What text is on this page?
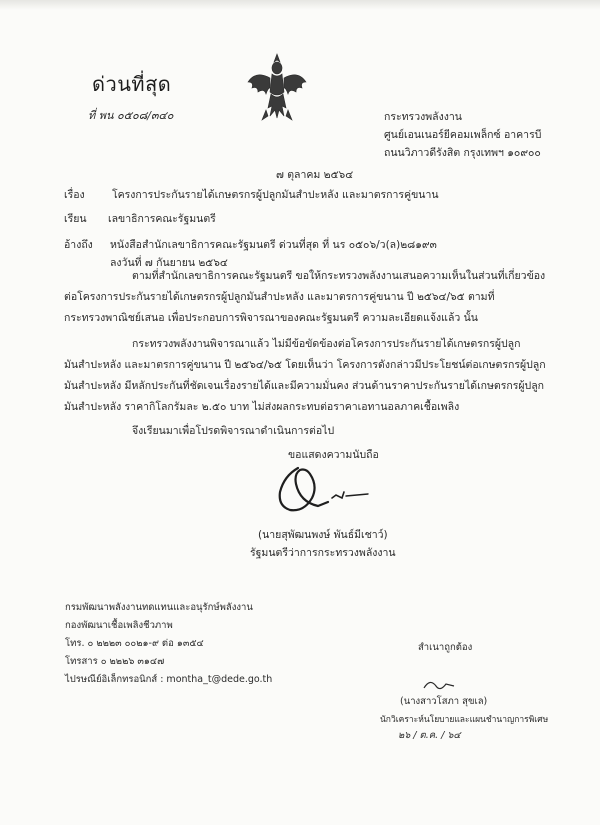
ด่วนที่สุด
ที่ พน ๐๕๐๘/๓๔๐	กระทรวงพลังงาน
ศูนย์เอนเนอร์ยีคอมเพล็กซ์ อาคารบี
ถนนวิภาวดีรังสิต กรุงเทพฯ ๑๐๙๐๐
๗ ตุลาคม ๒๕๖๔
เรื่อง	โครงการประกันรายได้เกษตรกรผู้ปลูกมันสำปะหลัง และมาตรการคู่ขนาน
เรียน เลขาธิการคณะรัฐมนตรี
อ้างถึง หนังสือสำนักเลขาธิการคณะรัฐมนตรี ด่วนที่สุด ที่ นร ๐๕๐๖/ว(ล)๒๘๑๙๓
ลงวันที่ ๗ กันยายน ๒๕๖๔
ตามที่สำนักเลขาธิการคณะรัฐมนตรี ขอให้กระทรวงพลังงานเสนอความเห็นในส่วนที่เกี่ยวข้อง
ต่อโครงการประกันรายได้เกษตรกรผู้ปลูกมันสำปะหลัง และมาตรการคู่ขนาน ปี ๒๕๖๔/๖๕ ตามที่
กระทรวงพาณิชย์เสนอ เพื่อประกอบการพิจารณาของคณะรัฐมนตรี ความละเอียดแจ้งแล้ว นั้น
กระทรวงพลังงานพิจารณาแล้ว ไม่มีข้อขัดข้องต่อโครงการประกันรายได้เกษตรกรผู้ปลูก
มันสำปะหลัง และมาตรการคู่ขนาน ปี ๒๕๖๔/๖๕ โดยเห็นว่า โครงการดังกล่าวมีประโยชน์ต่อเกษตรกรผู้ปลูก
มันสำปะหลัง มีหลักประกันที่ชัดเจนเรื่องรายได้และมีความมั่นคง ส่วนด้านราคาประกันรายได้เกษตรกรผู้ปลูก
มันสำปะหลัง ราคากิโลกรัมละ ๒.๕๐ บาท ไม่ส่งผลกระทบต่อราคาเอทานอลภาคเชื้อเพลิง
จึงเรียนมาเพื่อโปรดพิจารณาดำเนินการต่อไป
ขอแสดงความนับถือ
(นายสุพัฒนพงษ์ พันธ์มีเชาว์)
รัฐมนตรีว่าการกระทรวงพลังงาน
กรมพัฒนาพลังงานทดแทนและอนุรักษ์พลังงาน
กองพัฒนาเชื้อเพลิงชีวภาพ
โทร. ๐ ๒๒๒๓ ๐๐๒๑-๙ ต่อ ๑๓๕๔
โทรสาร ๐ ๒๒๒๖ ๓๑๔๗
ไปรษณีย์อิเล็กทรอนิกส์ : montha_t@dede.go.th
สำเนาถูกต้อง
(นางสาวโสภา สุขเล)
นักวิเคราะห์นโยบายและแผนชำนาญการพิเศษ
๒๖ / ต.ค. / ๖๔
